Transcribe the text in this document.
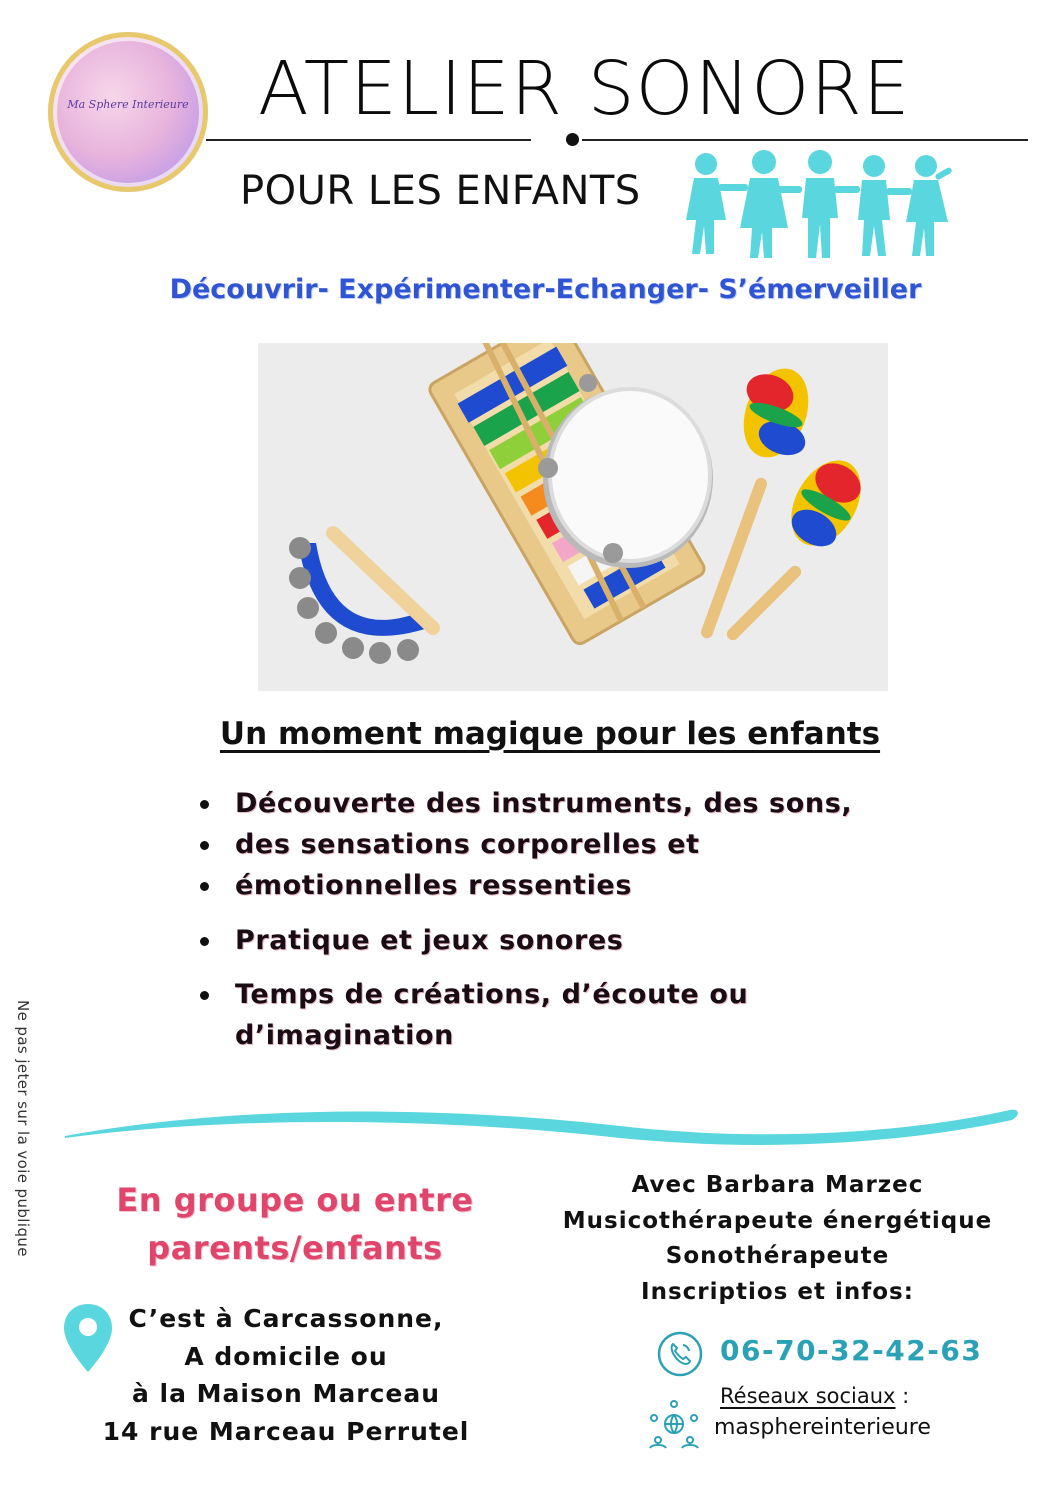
Ma Sphere Interieure ATELIER SONORE
POUR LES ENFANTS
Découvrir- Expérimenter-Echanger- S’émerveiller
Un moment magique pour les enfants
Découverte des instruments, des sons,
des sensations corporelles et
émotionnelles ressenties
Pratique et jeux sonores
Temps de créations, d’écoute ou
d’imagination
Ne pas jeter sur la voie publique	En groupe ou entre
parents/enfants
C’est à Carcassonne,
A domicile ou
à la Maison Marceau
14 rue Marceau Perrutel
Avec Barbara Marzec
Musicothérapeute énergétique
Sonothérapeute
Inscriptios et infos:
06-70-32-42-63
Réseaux sociaux :
masphereinterieure
